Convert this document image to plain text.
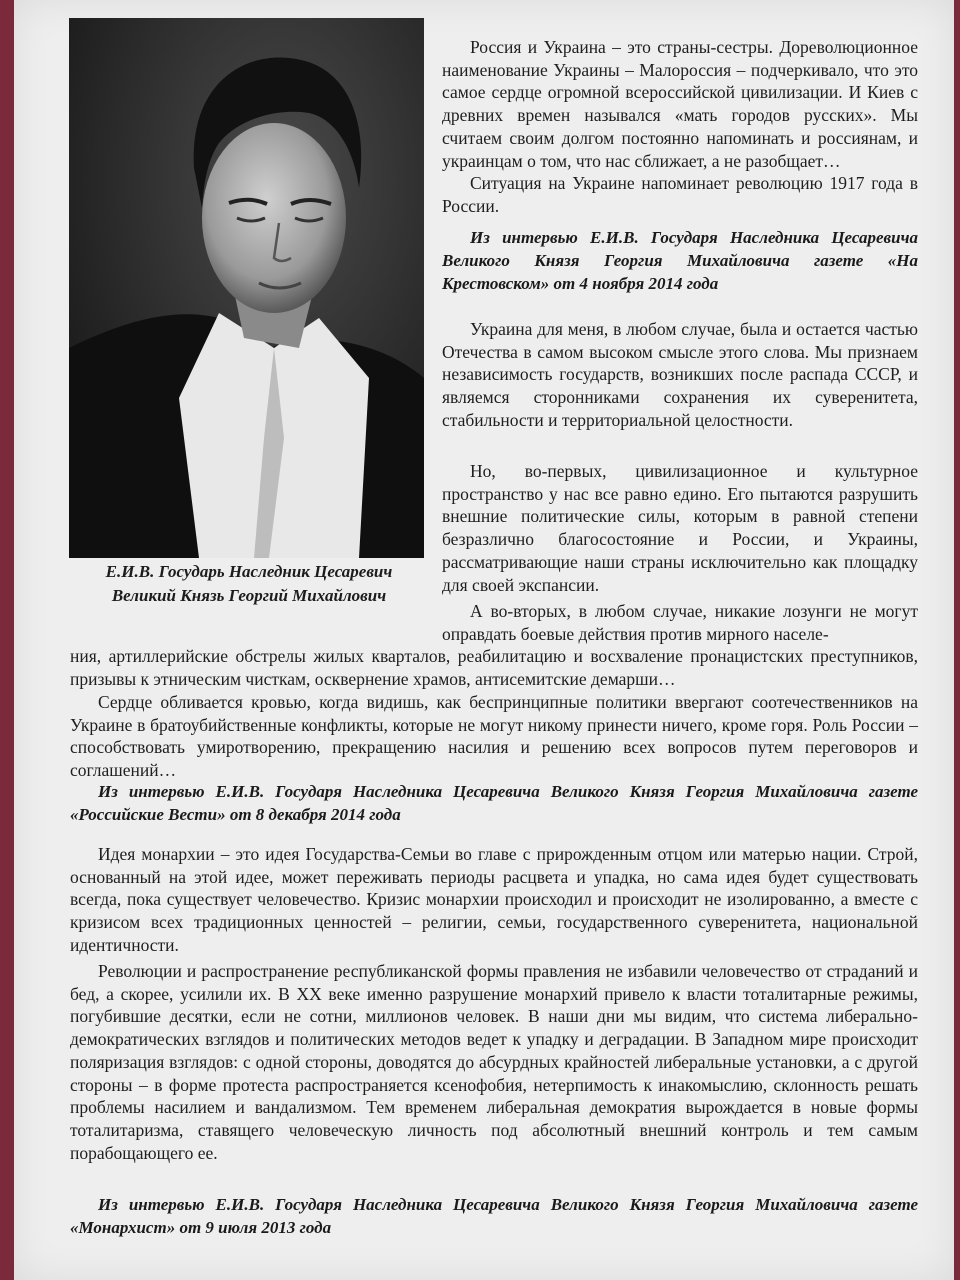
Е.И.В. Государь Наследник Цесаревич
Великий Князь Георгий Михайлович

Россия и Украина – это страны-сестры. Дореволюционное наименование Украины – Малороссия – подчеркивало, что это самое сердце огромной всероссийской цивилизации. И Киев с древних времен назывался «мать городов русских». Мы считаем своим долгом постоянно напоминать и россиянам, и украинцам о том, что нас сближает, а не разобщает…

Ситуация на Украине напоминает революцию 1917 года в России.

Из интервью Е.И.В. Государя Наследника Цесаревича Великого Князя Георгия Михайловича газете «На Крестовском» от 4 ноября 2014 года

Украина для меня, в любом случае, была и остается частью Отечества в самом высоком смысле этого слова. Мы признаем независимость государств, возникших после распада СССР, и являемся сторонниками сохранения их суверенитета, стабильности и территориальной целостности.

Но, во-первых, цивилизационное и культурное пространство у нас все равно едино. Его пытаются разрушить внешние политические силы, которым в равной степени безразлично благосостояние и России, и Украины, рассматривающие наши страны исключительно как площадку для своей экспансии.

А во-вторых, в любом случае, никакие лозунги не могут оправдать боевые действия против мирного населе-

ния, артиллерийские обстрелы жилых кварталов, реабилитацию и восхваление пронацистских преступников, призывы к этническим чисткам, осквернение храмов, антисемитские демарши…

Сердце обливается кровью, когда видишь, как беспринципные политики ввергают соотечественников на Украине в братоубийственные конфликты, которые не могут никому принести ничего, кроме горя. Роль России – способствовать умиротворению, прекращению насилия и решению всех вопросов путем переговоров и соглашений…

Из интервью Е.И.В. Государя Наследника Цесаревича Великого Князя Георгия Михайловича газете «Российские Вести» от 8 декабря 2014 года

Идея монархии – это идея Государства-Семьи во главе с прирожденным отцом или матерью нации. Строй, основанный на этой идее, может переживать периоды расцвета и упадка, но сама идея будет существовать всегда, пока существует человечество. Кризис монархии происходил и происходит не изолированно, а вместе с кризисом всех традиционных ценностей – религии, семьи, государственного суверенитета, национальной идентичности.

Революции и распространение республиканской формы правления не избавили человечество от страданий и бед, а скорее, усилили их. В XX веке именно разрушение монархий привело к власти тоталитарные режимы, погубившие десятки, если не сотни, миллионов человек. В наши дни мы видим, что система либерально-демократических взглядов и политических методов ведет к упадку и деградации. В Западном мире происходит поляризация взглядов: с одной стороны, доводятся до абсурдных крайностей либеральные установки, а с другой стороны – в форме протеста распространяется ксенофобия, нетерпимость к инакомыслию, склонность решать проблемы насилием и вандализмом. Тем временем либеральная демократия вырождается в новые формы тоталитаризма, ставящего человеческую личность под абсолютный внешний контроль и тем самым порабощающего ее.

Из интервью Е.И.В. Государя Наследника Цесаревича Великого Князя Георгия Михайловича газете «Монархист» от 9 июля 2013 года
